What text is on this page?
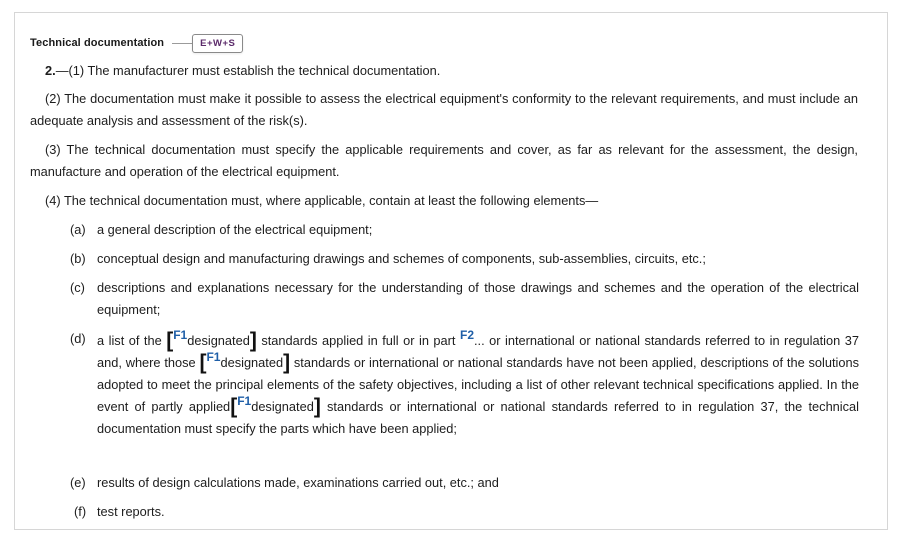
Technical documentation	E+W+S
2.—(1) The manufacturer must establish the technical documentation.
(2) The documentation must make it possible to assess the electrical equipment's conformity to the relevant requirements, and must include an adequate analysis and assessment of the risk(s).
(3) The technical documentation must specify the applicable requirements and cover, as far as relevant for the assessment, the design, manufacture and operation of the electrical equipment.
(4) The technical documentation must, where applicable, contain at least the following elements—
(a) a general description of the electrical equipment;
(b) conceptual design and manufacturing drawings and schemes of components, sub-assemblies, circuits, etc.;
(c) descriptions and explanations necessary for the understanding of those drawings and schemes and the operation of the electrical equipment;
(d) a list of the [F1designated] standards applied in full or in part F2... or international or national standards referred to in regulation 37 and, where those [F1designated] standards or international or national standards have not been applied, descriptions of the solutions adopted to meet the principal elements of the safety objectives, including a list of other relevant technical specifications applied. In the event of partly applied[F1designated] standards or international or national standards referred to in regulation 37, the technical documentation must specify the parts which have been applied;
(e) results of design calculations made, examinations carried out, etc.; and
(f) test reports.
